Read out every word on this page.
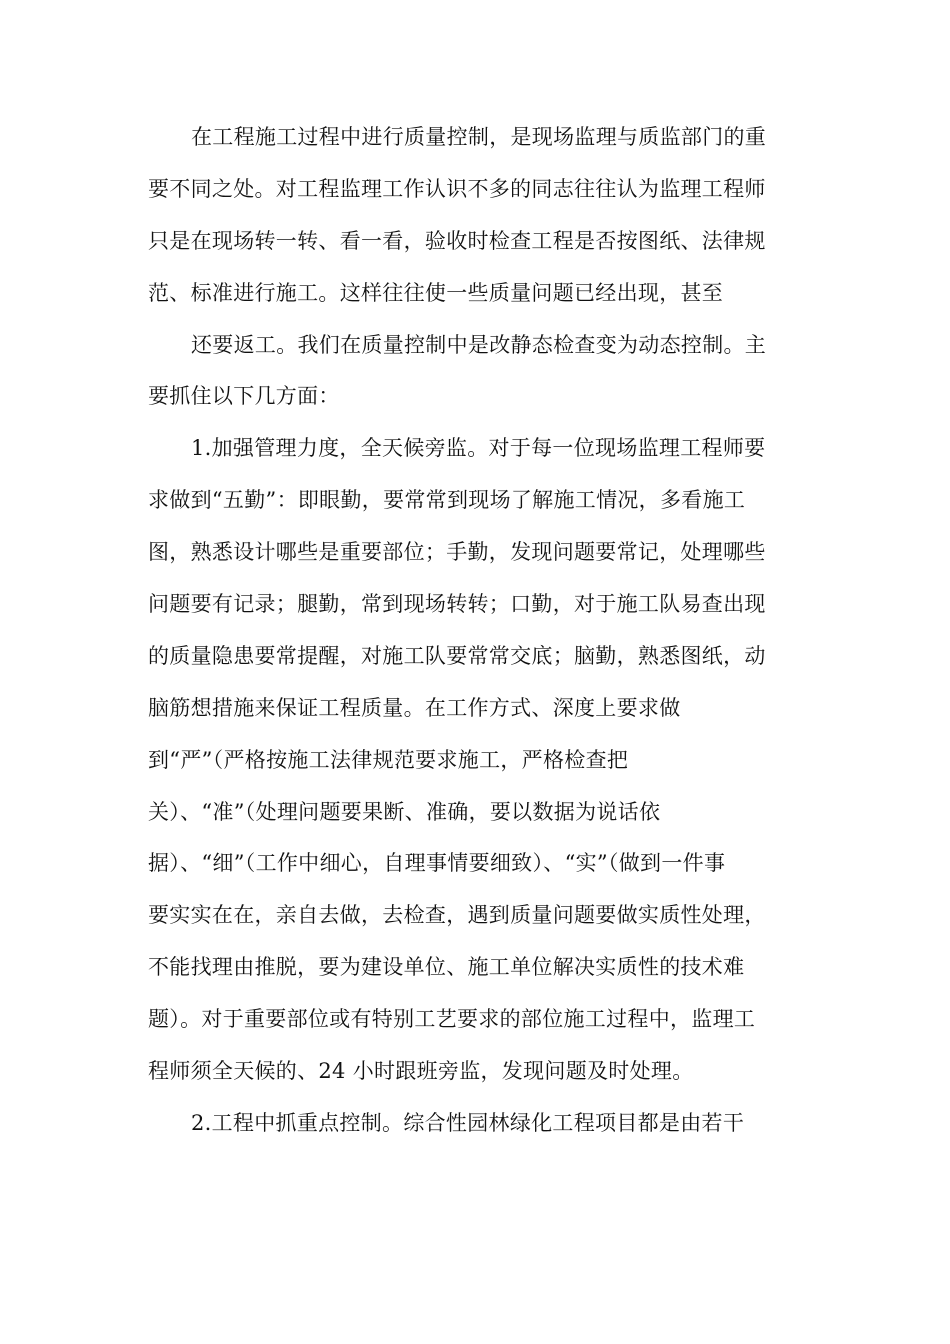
在工程施工过程中进行质量控制，是现场监理与质监部门的重
要不同之处。对工程监理工作认识不多的同志往往认为监理工程师
只是在现场转一转、看一看，验收时检查工程是否按图纸、法律规
范、标准进行施工。这样往往使一些质量问题已经出现，甚至
还要返工。我们在质量控制中是改静态检查变为动态控制。主
要抓住以下几方面：
1.加强管理力度，全天候旁监。对于每一位现场监理工程师要
求做到“五勤”：即眼勤，要常常到现场了解施工情况，多看施工
图，熟悉设计哪些是重要部位；手勤，发现问题要常记，处理哪些
问题要有记录；腿勤，常到现场转转；口勤，对于施工队易查出现
的质量隐患要常提醒，对施工队要常常交底；脑勤，熟悉图纸，动
脑筋想措施来保证工程质量。在工作方式、深度上要求做
到“严”（严格按施工法律规范要求施工，严格检查把
关）、“准”（处理问题要果断、准确，要以数据为说话依
据）、“细”（工作中细心，自理事情要细致）、“实”（做到一件事
要实实在在，亲自去做，去检查，遇到质量问题要做实质性处理，
不能找理由推脱，要为建设单位、施工单位解决实质性的技术难
题）。对于重要部位或有特别工艺要求的部位施工过程中，监理工
程师须全天候的、24 小时跟班旁监，发现问题及时处理。
2.工程中抓重点控制。综合性园林绿化工程项目都是由若干
